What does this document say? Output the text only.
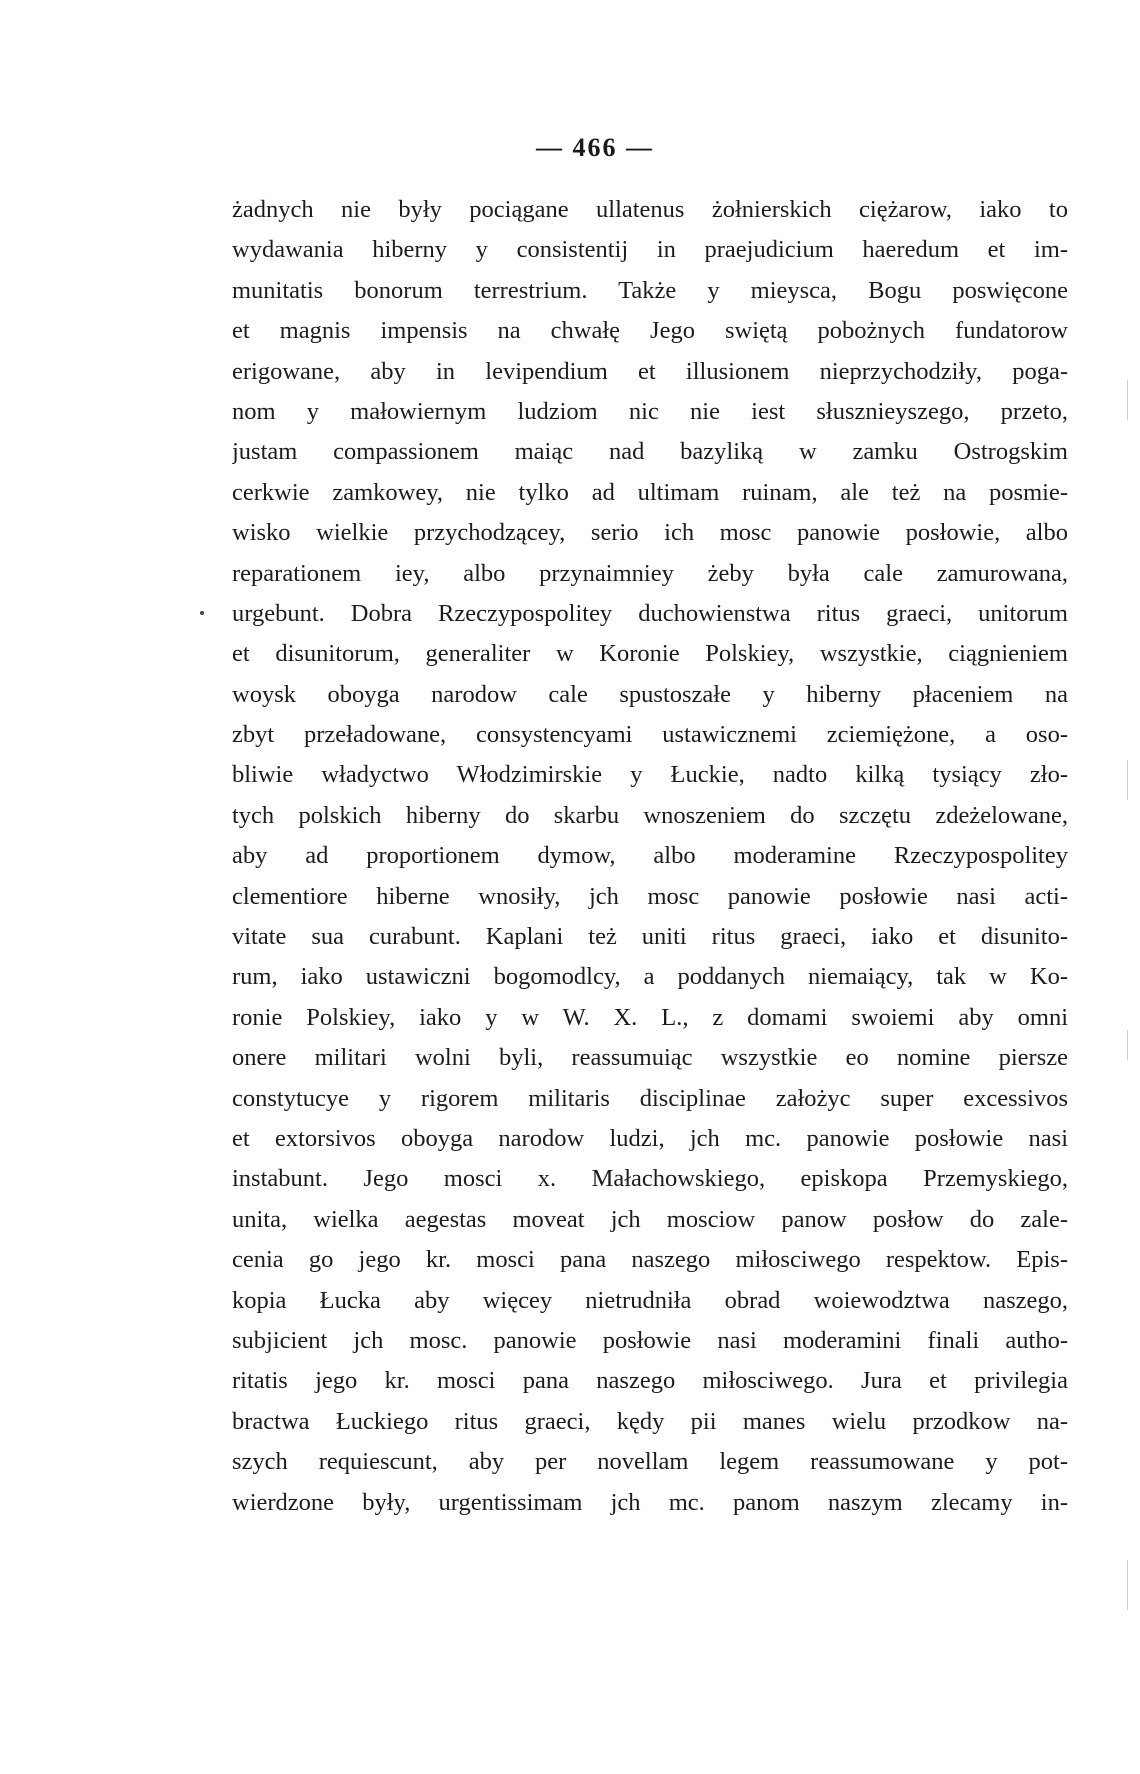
— 466 —
żadnych nie były pociągane ullatenus żołnierskich ciężarow, iako to
wydawania hiberny y consistentij in praejudicium haeredum et im-
munitatis bonorum terrestrium. Także y mieysca, Bogu poswięcone
et magnis impensis na chwałę Jego swiętą pobożnych fundatorow
erigowane, aby in levipendium et illusionem nieprzychodziły, poga-
nom y małowiernym ludziom nic nie iest słusznieyszego, przeto,
justam compassionem maiąc nad bazyliką w zamku Ostrogskim
cerkwie zamkowey, nie tylko ad ultimam ruinam, ale też na posmie-
wisko wielkie przychodzącey, serio ich mosc panowie posłowie, albo
reparationem iey, albo przynaimniey żeby była cale zamurowana,
urgebunt. Dobra Rzeczypospolitey duchowienstwa ritus graeci, unitorum
et disunitorum, generaliter w Koronie Polskiey, wszystkie, ciągnieniem
woysk oboyga narodow cale spustoszałe y hiberny płaceniem na
zbyt przeładowane, consystencyami ustawicznemi zciemiężone, a oso-
bliwie władyctwo Włodzimirskie y Łuckie, nadto kilką tysiący zło-
tych polskich hiberny do skarbu wnoszeniem do szczętu zdeżelowane,
aby ad proportionem dymow, albo moderamine Rzeczypospolitey
clementiore hiberne wnosiły, jch mosc panowie posłowie nasi acti-
vitate sua curabunt. Kaplani też uniti ritus graeci, iako et disunito-
rum, iako ustawiczni bogomodlcy, a poddanych niemaiący, tak w Ko-
ronie Polskiey, iako y w W. X. L., z domami swoiemi aby omni
onere militari wolni byli, reassumuiąc wszystkie eo nomine piersze
constytucye y rigorem militaris disciplinae założyc super excessivos
et extorsivos oboyga narodow ludzi, jch mc. panowie posłowie nasi
instabunt. Jego mosci x. Małachowskiego, episkopa Przemyskiego,
unita, wielka aegestas moveat jch mosciow panow posłow do zale-
cenia go jego kr. mosci pana naszego miłosciwego respektow. Epis-
kopia Łucka aby więcey nietrudniła obrad woiewodztwa naszego,
subjicient jch mosc. panowie posłowie nasi moderamini finali autho-
ritatis jego kr. mosci pana naszego miłosciwego. Jura et privilegia
bractwa Łuckiego ritus graeci, kędy pii manes wielu przodkow na-
szych requiescunt, aby per novellam legem reassumowane y pot-
wierdzone były, urgentissimam jch mc. panom naszym zlecamy in-
